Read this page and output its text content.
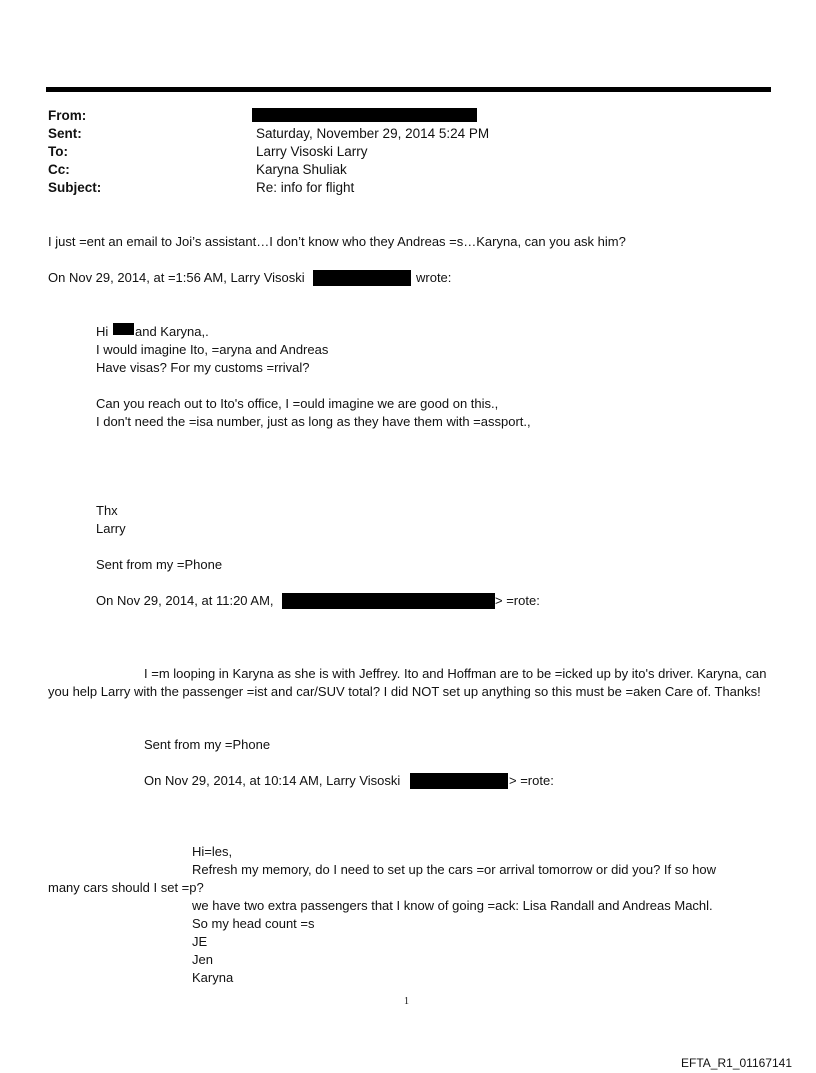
From:
Sent:	Saturday, November 29, 2014 5:24 PM
To:	Larry Visoski Larry
Cc:	Karyna Shuliak
Subject:	Re: info for flight
I just =ent an email to Joi’s assistant…I don’t know who they Andreas =s…Karyna, can you ask him?
On Nov 29, 2014, at =1:56 AM, Larry Visoski	wrote:
Hi and Karyna,.
I would imagine Ito, =aryna and Andreas
Have visas? For my customs =rrival?
Can you reach out to Ito's office, I =ould imagine we are good on this.,
I don't need the =isa number, just as long as they have them with =assport.,
Thx
Larry
Sent from my =Phone
On Nov 29, 2014, at 11:20 AM,	> =rote:
I =m looping in Karyna as she is with Jeffrey. Ito and Hoffman are to be =icked up by ito's driver. Karyna, can you help Larry with the passenger =ist and car/SUV total? I did NOT set up anything so this must be =aken Care of. Thanks!
Sent from my =Phone
On Nov 29, 2014, at 10:14 AM, Larry Visoski	> =rote:
Hi=les,
Refresh my memory, do I need to set up the cars =or arrival tomorrow or did you? If so how
many cars should I set =p?
we have two extra passengers that I know of going =ack: Lisa Randall and Andreas Machl.
So my head count =s
JE
Jen
Karyna
1
EFTA_R1_01167141
